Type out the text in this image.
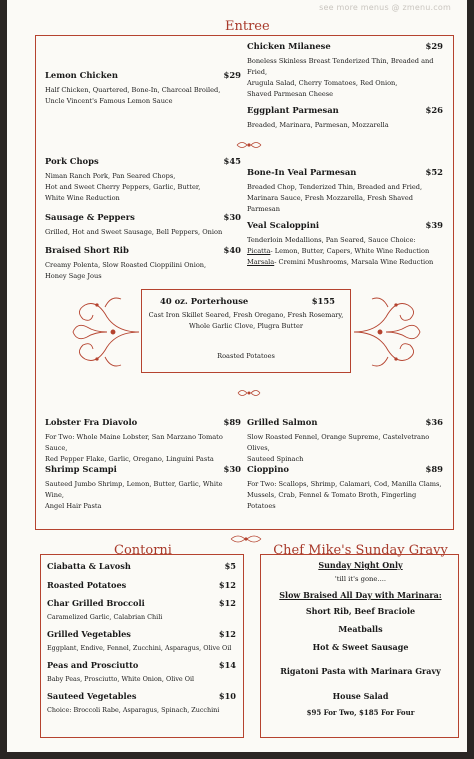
see more menus @ zmenu.com
Entree
Lemon Chicken	$29
Half Chicken, Quartered, Bone-In, Charcoal Broiled,
Uncle Vincent's Famous Lemon Sauce
Pork Chops	$45
Niman Ranch Pork, Pan Seared Chops,
Hot and Sweet Cherry Peppers, Garlic, Butter,
White Wine Reduction
Sausage & Peppers	$30
Grilled, Hot and Sweet Sausage, Bell Peppers, Onion
Braised Short Rib	$40
Creamy Polenta, Slow Roasted Cioppilini Onion,
Honey Sage Jous
Lobster Fra Diavolo	$89
For Two: Whole Maine Lobster, San Marzano Tomato Sauce,
Red Pepper Flake, Garlic, Oregano, Linguini Pasta
Shrimp Scampi	$30
Sauteed Jumbo Shrimp, Lemon, Butter, Garlic, White Wine,
Angel Hair Pasta
Chicken Milanese	$29
Boneless Skinless Breast Tenderized Thin, Breaded and Fried,
Arugula Salad, Cherry Tomatoes, Red Onion,
Shaved Parmesan Cheese
Eggplant Parmesan	$26
Breaded, Marinara, Parmesan, Mozzarella
Bone-In Veal Parmesan	$52
Breaded Chop, Tenderized Thin, Breaded and Fried,
Marinara Sauce, Fresh Mozzarella, Fresh Shaved Parmesan
Veal Scaloppini	$39
Tenderloin Medallions, Pan Seared, Sauce Choice:
Picatta- Lemon, Butter, Capers, White Wine Reduction
Marsala- Cremini Mushrooms, Marsala Wine Reduction
Grilled Salmon	$36
Slow Roasted Fennel, Orange Supreme, Castelvetrano Olives,
Sauteed Spinach
Cioppino	$89
For Two: Scallops, Shrimp, Calamari, Cod, Manilla Clams,
Mussels, Crab, Fennel & Tomato Broth, Fingerling Potatoes
40 oz. Porterhouse	$155
Cast Iron Skillet Seared, Fresh Oregano, Fresh Rosemary,
Whole Garlic Clove, Plugra Butter
Roasted Potatoes
Contorni
Ciabatta & Lavosh	$5
Roasted Potatoes	$12
Char Grilled Broccoli	$12
Caramelized Garlic, Calabrian Chili
Grilled Vegetables	$12
Eggplant, Endive, Fennel, Zucchini, Asparagus, Olive Oil
Peas and Prosciutto	$14
Baby Peas, Prosciutto, White Onion, Olive Oil
Sauteed Vegetables	$10
Choice: Broccoli Rabe, Asparagus, Spinach, Zucchini
Chef Mike's Sunday Gravy
Sunday Night Only
'till it's gone....
Slow Braised All Day with Marinara:
Short Rib, Beef Braciole
Meatballs
Hot & Sweet Sausage
Rigatoni Pasta with Marinara Gravy
House Salad
$95 For Two, $185 For Four
